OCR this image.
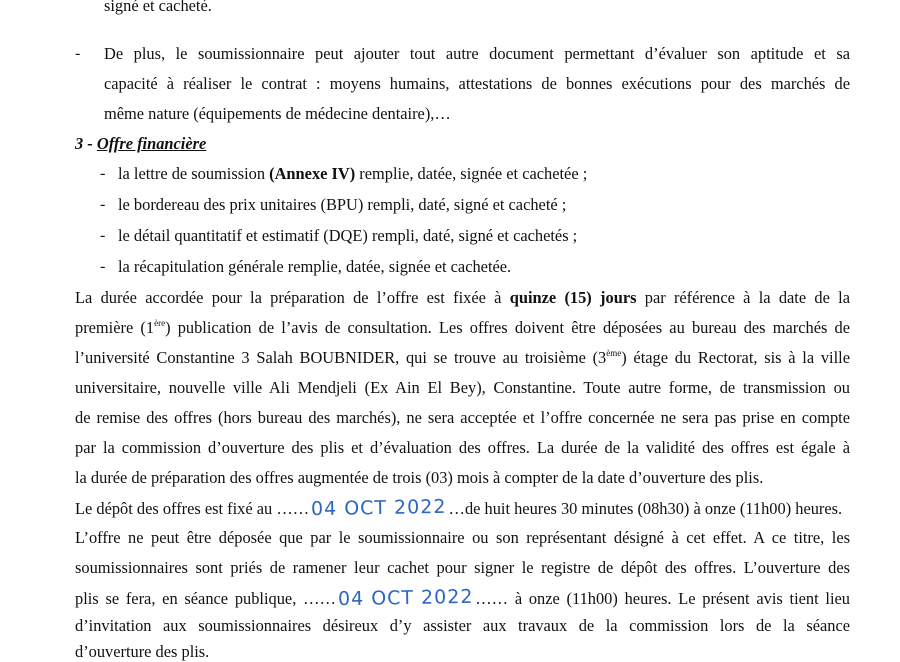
signé et cacheté.
- De plus, le soumissionnaire peut ajouter tout autre document permettant d’évaluer son aptitude et sa
capacité à réaliser le contrat : moyens humains, attestations de bonnes exécutions pour des marchés de
même nature (équipements de médecine dentaire),…
3 - Offre financière
- la lettre de soumission (Annexe IV) remplie, datée, signée et cachetée ;
- le bordereau des prix unitaires (BPU) rempli, daté, signé et cacheté ;
- le détail quantitatif et estimatif (DQE) rempli, daté, signé et cachetés ;
- la récapitulation générale remplie, datée, signée et cachetée.
La durée accordée pour la préparation de l’offre est fixée à quinze (15) jours par référence à la date de la
première (1ère) publication de l’avis de consultation. Les offres doivent être déposées au bureau des marchés de
l’université Constantine 3 Salah BOUBNIDER, qui se trouve au troisième (3ème) étage du Rectorat, sis à la ville
universitaire, nouvelle ville Ali Mendjeli (Ex Ain El Bey), Constantine. Toute autre forme, de transmission ou
de remise des offres (hors bureau des marchés), ne sera acceptée et l’offre concernée ne sera pas prise en compte
par la commission d’ouverture des plis et d’évaluation des offres. La durée de la validité des offres est égale à
la durée de préparation des offres augmentée de trois (03) mois à compter de la date d’ouverture des plis.
Le dépôt des offres est fixé au ……04 OCT 2022 …de huit heures 30 minutes (08h30) à onze (11h00) heures.
L’offre ne peut être déposée que par le soumissionnaire ou son représentant désigné à cet effet. A ce titre, les
soumissionnaires sont priés de ramener leur cachet pour signer le registre de dépôt des offres. L’ouverture des
plis se fera, en séance publique, ……04 OCT 2022 …… à onze (11h00) heures. Le présent avis tient lieu
d’invitation aux soumissionnaires désireux d’y assister aux travaux de la commission lors de la séance
d’ouverture des plis.
